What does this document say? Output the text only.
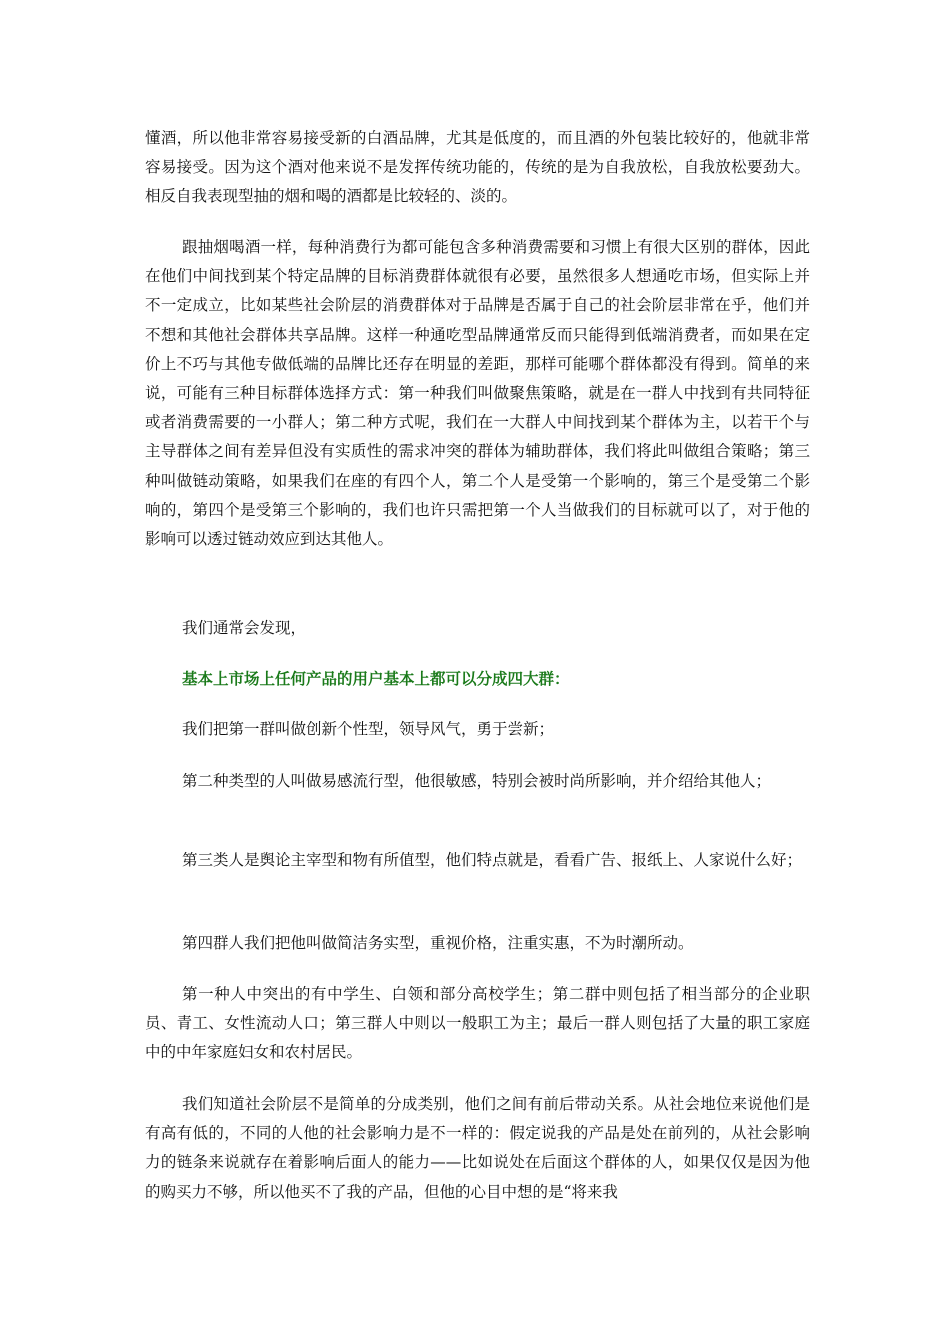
懂酒，所以他非常容易接受新的白酒品牌，尤其是低度的，而且酒的外包装比较好的，他就非常容易接受。因为这个酒对他来说不是发挥传统功能的，传统的是为自我放松，自我放松要劲大。相反自我表现型抽的烟和喝的酒都是比较轻的、淡的。

跟抽烟喝酒一样，每种消费行为都可能包含多种消费需要和习惯上有很大区别的群体，因此在他们中间找到某个特定品牌的目标消费群体就很有必要，虽然很多人想通吃市场，但实际上并不一定成立，比如某些社会阶层的消费群体对于品牌是否属于自己的社会阶层非常在乎，他们并不想和其他社会群体共享品牌。这样一种通吃型品牌通常反而只能得到低端消费者，而如果在定价上不巧与其他专做低端的品牌比还存在明显的差距，那样可能哪个群体都没有得到。简单的来说，可能有三种目标群体选择方式：第一种我们叫做聚焦策略，就是在一群人中找到有共同特征或者消费需要的一小群人；第二种方式呢，我们在一大群人中间找到某个群体为主，以若干个与主导群体之间有差异但没有实质性的需求冲突的群体为辅助群体，我们将此叫做组合策略；第三种叫做链动策略，如果我们在座的有四个人，第二个人是受第一个影响的，第三个是受第二个影响的，第四个是受第三个影响的，我们也许只需把第一个人当做我们的目标就可以了，对于他的影响可以透过链动效应到达其他人。

我们通常会发现，

基本上市场上任何产品的用户基本上都可以分成四大群：

我们把第一群叫做创新个性型，领导风气，勇于尝新；

第二种类型的人叫做易感流行型，他很敏感，特别会被时尚所影响，并介绍给其他人；

第三类人是舆论主宰型和物有所值型，他们特点就是，看看广告、报纸上、人家说什么好；

第四群人我们把他叫做简洁务实型，重视价格，注重实惠，不为时潮所动。

第一种人中突出的有中学生、白领和部分高校学生；第二群中则包括了相当部分的企业职员、青工、女性流动人口；第三群人中则以一般职工为主；最后一群人则包括了大量的职工家庭中的中年家庭妇女和农村居民。

我们知道社会阶层不是简单的分成类别，他们之间有前后带动关系。从社会地位来说他们是有高有低的，不同的人他的社会影响力是不一样的：假定说我的产品是处在前列的，从社会影响力的链条来说就存在着影响后面人的能力——比如说处在后面这个群体的人，如果仅仅是因为他的购买力不够，所以他买不了我的产品，但他的心目中想的是“将来我
